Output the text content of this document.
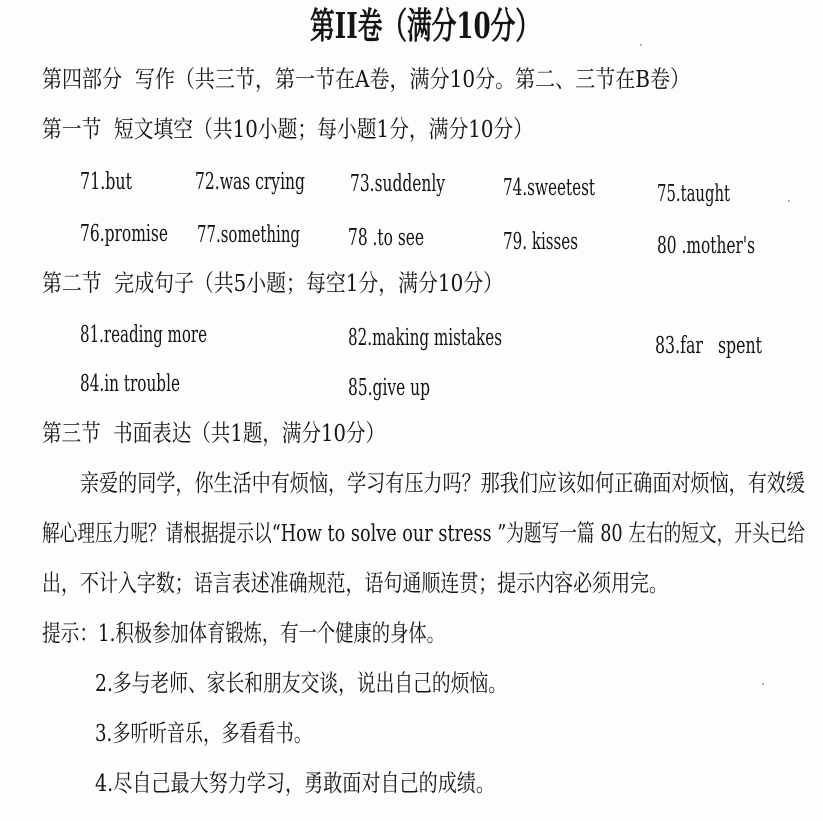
第II卷（满分10分）
第四部分  写作（共三节，第一节在A卷，满分10分。第二、三节在B卷）
第一节  短文填空（共10小题；每小题1分，满分10分）
71.but	72.was crying 73.suddenly	74.sweetest	75.taught
76.promise 77.something 78 .to see	79. kisses	80 .mother's
第二节  完成句子（共5小题；每空1分，满分10分）
81.reading more	82.making mistakes	83.far   spent
84.in trouble	85.give up
第三节  书面表达（共1题，满分10分）
亲爱的同学，你生活中有烦恼，学习有压力吗？那我们应该如何正确面对烦恼，有效缓
解心理压力呢？请根据提示以“How to solve our stress ”为题写一篇 80 左右的短文，开头已给
出，不计入字数；语言表述准确规范，语句通顺连贯；提示内容必须用完。
提示： 1.积极参加体育锻炼，有一个健康的身体。
2.多与老师、家长和朋友交谈，说出自己的烦恼。
3.多听听音乐，多看看书。
4.尽自己最大努力学习，勇敢面对自己的成绩。
